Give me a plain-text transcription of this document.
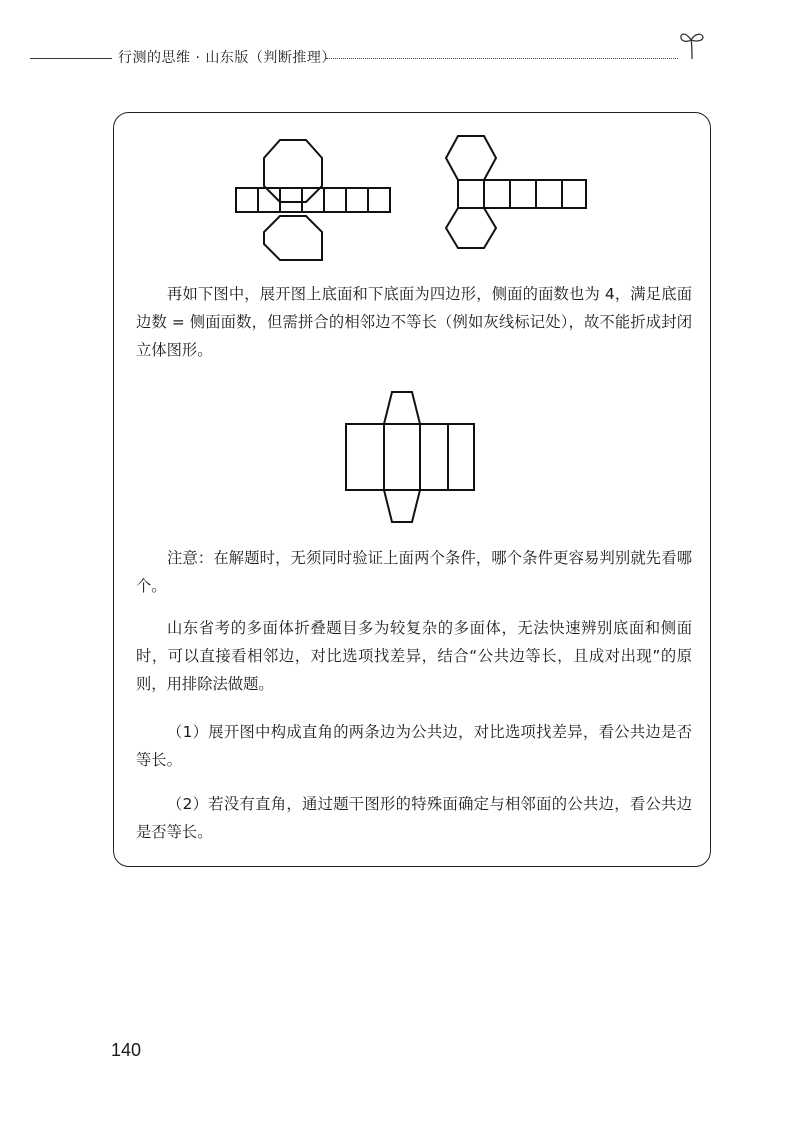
行测的思维 · 山东版（判断推理）

再如下图中，展开图上底面和下底面为四边形，侧面的面数也为 4，满足底面边数 = 侧面面数，但需拼合的相邻边不等长（例如灰线标记处），故不能折成封闭立体图形。

注意：在解题时，无须同时验证上面两个条件，哪个条件更容易判别就先看哪个。

山东省考的多面体折叠题目多为较复杂的多面体，无法快速辨别底面和侧面时，可以直接看相邻边，对比选项找差异，结合“公共边等长，且成对出现”的原则，用排除法做题。

（1）展开图中构成直角的两条边为公共边，对比选项找差异，看公共边是否等长。

（2）若没有直角，通过题干图形的特殊面确定与相邻面的公共边，看公共边是否等长。

140
